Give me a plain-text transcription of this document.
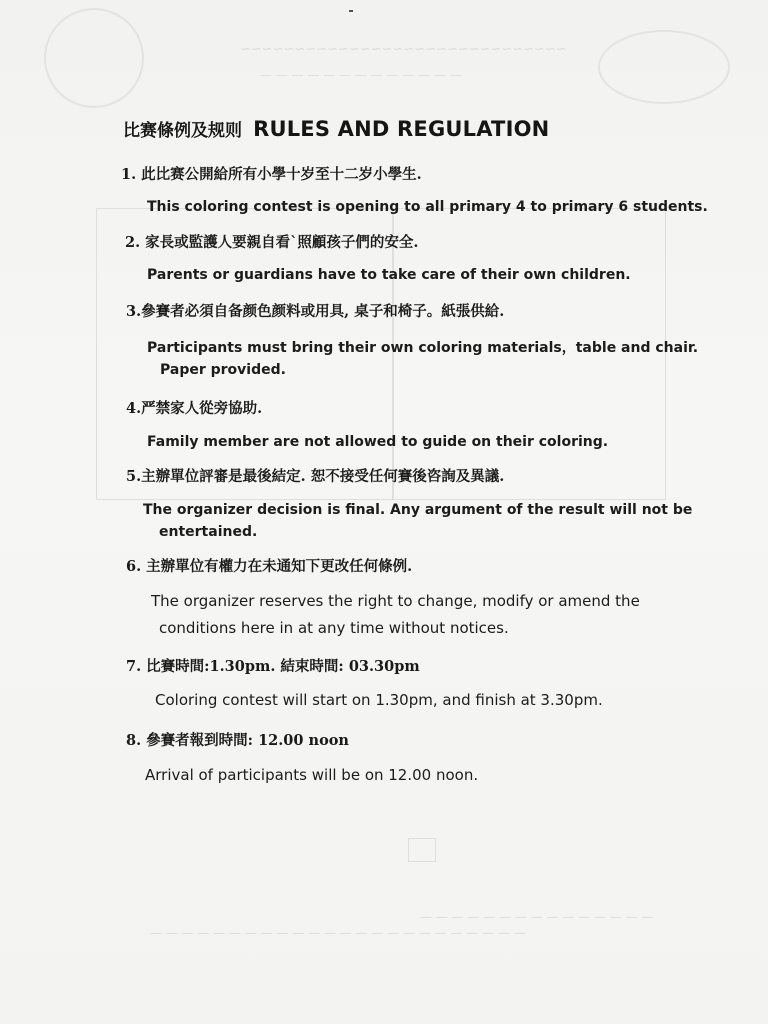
~~~~~~~~~~~~~~~~~~~~~~~~~~~~~~
— — — — — — — — — — — — —
— — — — — — — — — — — — — — —
— — — — — — — — — — — — — — — — — — — — — — — —
比赛條例及规则 RULES AND REGULATION
1. 此比赛公開給所有小學十岁至十二岁小學生.
This coloring contest is opening to all primary 4 to primary 6 students.
2. 家長或監護人要親自看`照顧孩子們的安全.
Parents or guardians have to take care of their own children.
3.參賽者必須自备颜色颜料或用具, 桌子和椅子。紙張供給.
Participants must bring their own coloring materials，table and chair.
Paper provided.
4.严禁家人從旁協助.
Family member are not allowed to guide on their coloring.
5.主辦單位評審是最後結定. 恕不接受任何賽後咨詢及異議.
The organizer decision is final. Any argument of the result will not be
entertained.
6. 主辦單位有權力在未通知下更改任何條例.
The organizer reserves the right to change, modify or amend the
conditions here in at any time without notices.
7. 比賽時間:1.30pm. 結束時間: 03.30pm
Coloring contest will start on 1.30pm, and finish at 3.30pm.
8. 參賽者報到時間: 12.00 noon
Arrival of participants will be on 12.00 noon.
